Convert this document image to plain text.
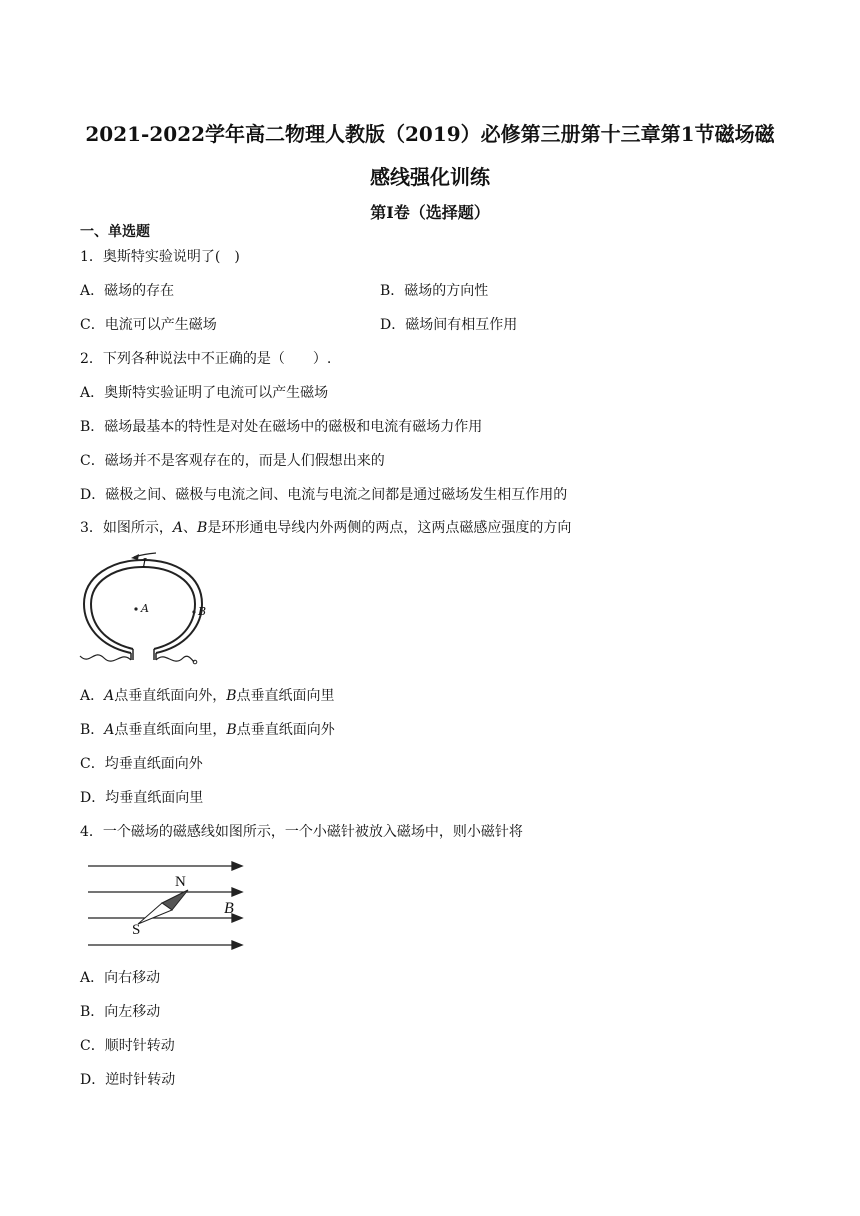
2021-2022学年高二物理人教版（2019）必修第三册第十三章第1节磁场磁
感线强化训练
第I卷（选择题）
一、单选题
1．奥斯特实验说明了(　)
A．磁场的存在	B．磁场的方向性
C．电流可以产生磁场	D．磁场间有相互作用
2．下列各种说法中不正确的是（　　）.
A．奥斯特实验证明了电流可以产生磁场
B．磁场最基本的特性是对处在磁场中的磁极和电流有磁场力作用
C．磁场并不是客观存在的，而是人们假想出来的
D．磁极之间、磁极与电流之间、电流与电流之间都是通过磁场发生相互作用的
3．如图所示，A、B是环形通电导线内外两侧的两点，这两点磁感应强度的方向
I
A	B
A．A点垂直纸面向外，B点垂直纸面向里
B．A点垂直纸面向里，B点垂直纸面向外
C．均垂直纸面向外
D．均垂直纸面向里
4．一个磁场的磁感线如图所示，一个小磁针被放入磁场中，则小磁针将
N
S
B
A．向右移动
B．向左移动
C．顺时针转动
D．逆时针转动
